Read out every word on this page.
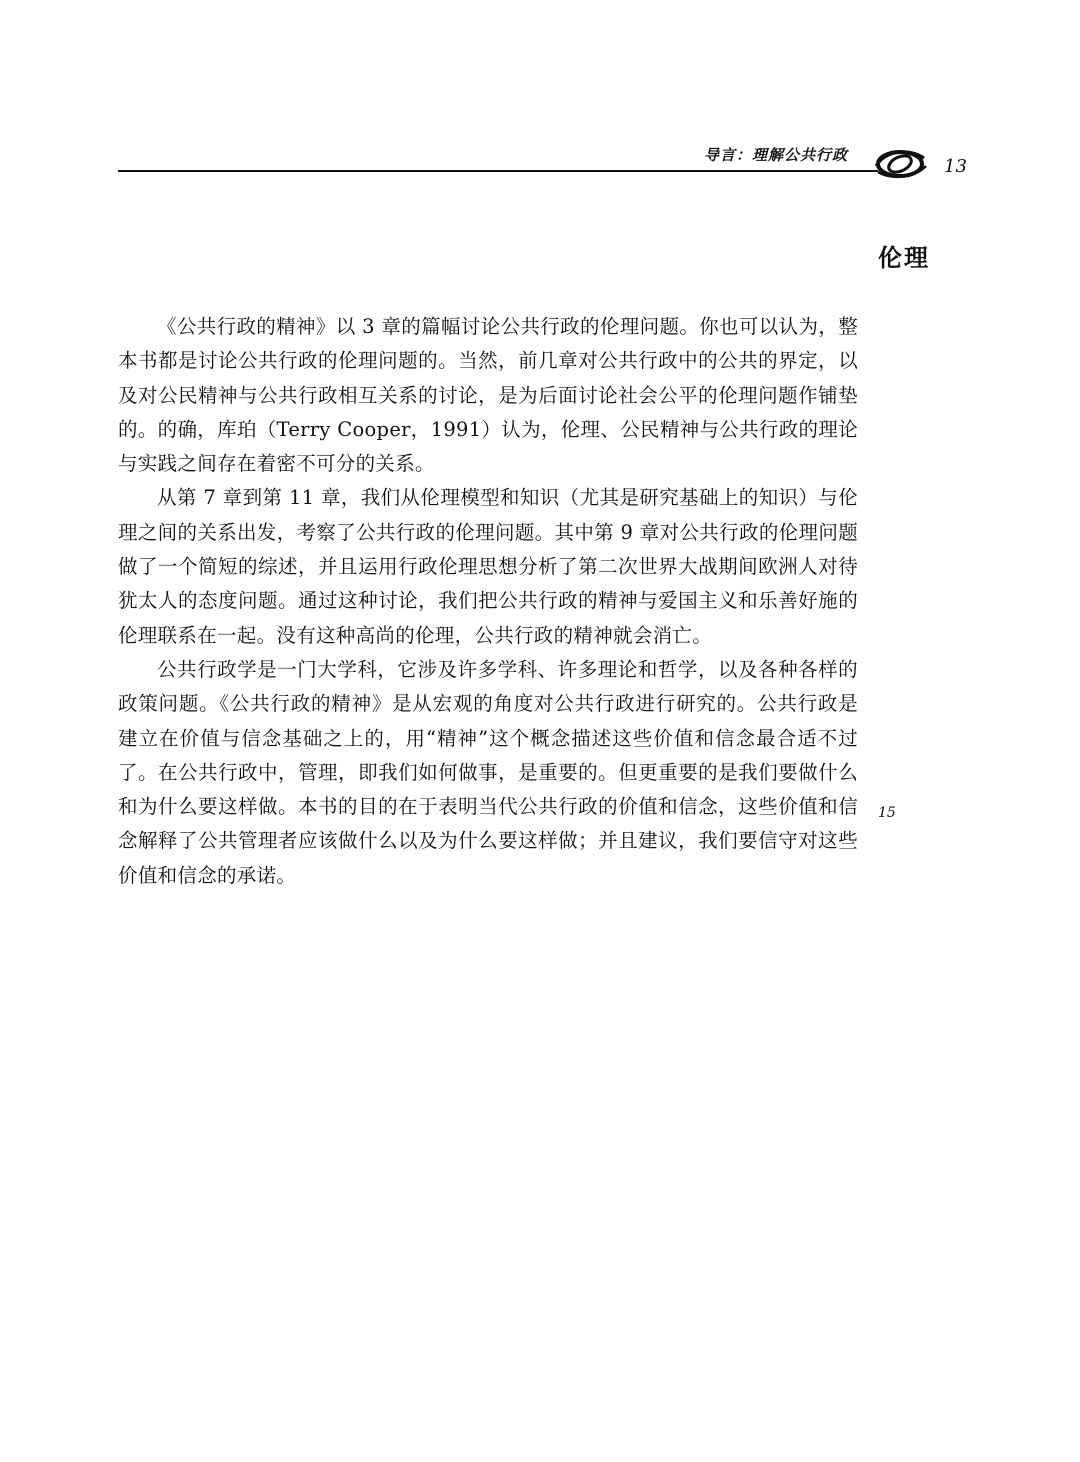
导言：理解公共行政
13
伦理

《公共行政的精神》以 3 章的篇幅讨论公共行政的伦理问题。你也可以认为，整本书都是讨论公共行政的伦理问题的。当然，前几章对公共行政中的公共的界定，以及对公民精神与公共行政相互关系的讨论，是为后面讨论社会公平的伦理问题作铺垫的。的确，库珀（Terry Cooper，1991）认为，伦理、公民精神与公共行政的理论与实践之间存在着密不可分的关系。

从第 7 章到第 11 章，我们从伦理模型和知识（尤其是研究基础上的知识）与伦理之间的关系出发，考察了公共行政的伦理问题。其中第 9 章对公共行政的伦理问题做了一个简短的综述，并且运用行政伦理思想分析了第二次世界大战期间欧洲人对待犹太人的态度问题。通过这种讨论，我们把公共行政的精神与爱国主义和乐善好施的伦理联系在一起。没有这种高尚的伦理，公共行政的精神就会消亡。

公共行政学是一门大学科，它涉及许多学科、许多理论和哲学，以及各种各样的政策问题。《公共行政的精神》是从宏观的角度对公共行政进行研究的。公共行政是建立在价值与信念基础之上的，用“精神”这个概念描述这些价值和信念最合适不过了。在公共行政中，管理，即我们如何做事，是重要的。但更重要的是我们要做什么和为什么要这样做。本书的目的在于表明当代公共行政的价值和信念，这些价值和信念解释了公共管理者应该做什么以及为什么要这样做；并且建议，我们要信守对这些价值和信念的承诺。

15
